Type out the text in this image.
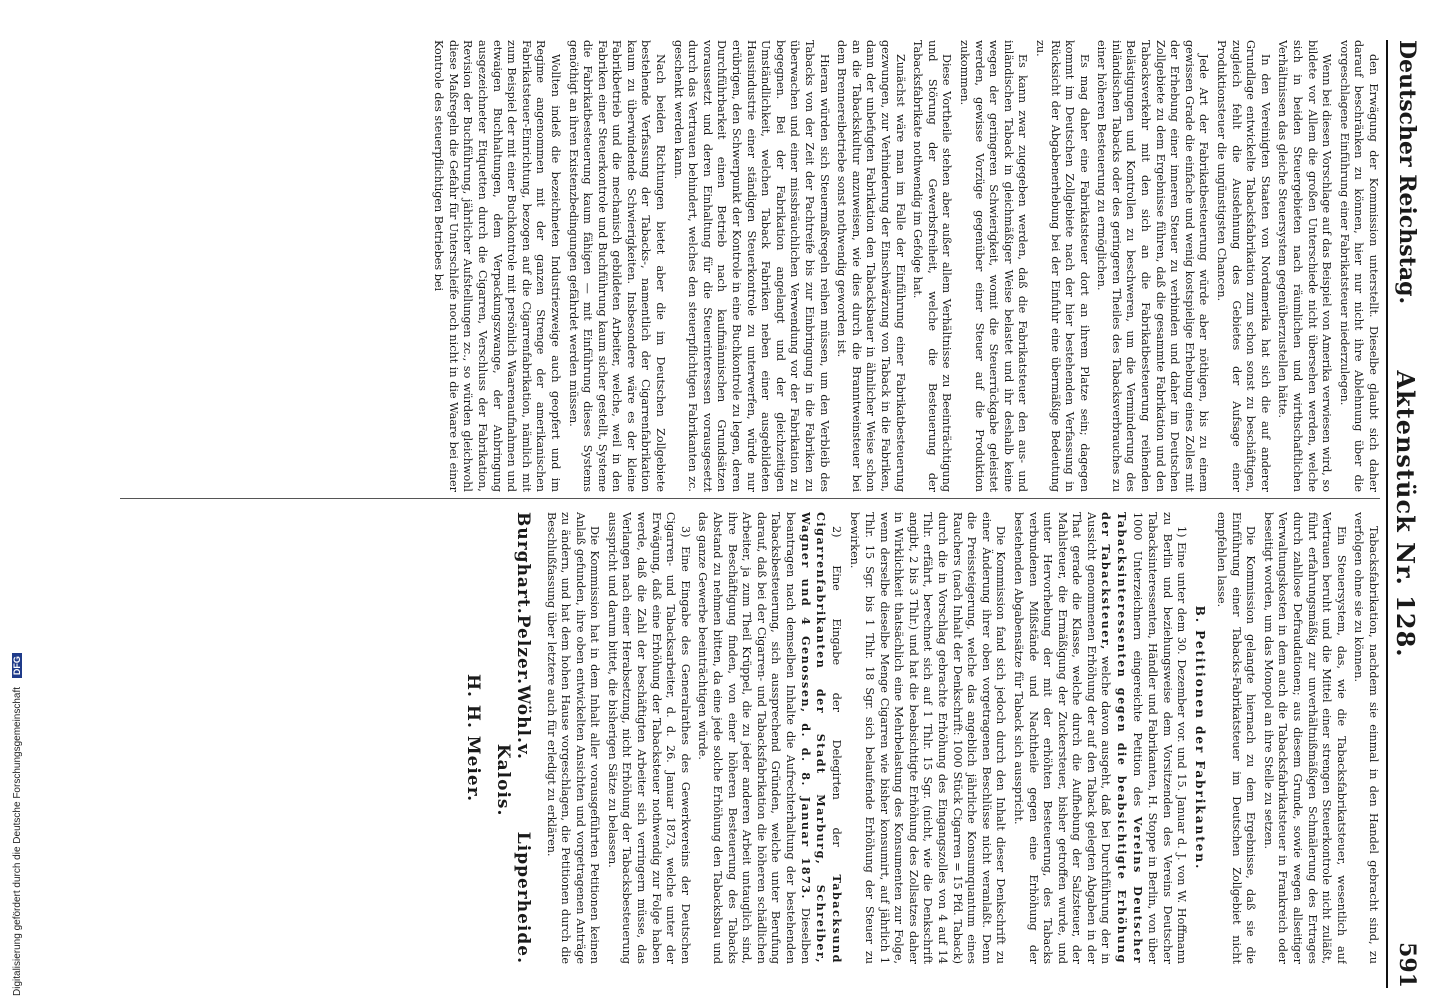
Deutscher Reichstag.
Aktenstück Nr. 128.
591

den Erwägung der Kommission unterstellt. Dieselbe glaubt sich daher darauf beschränken zu können, hier nur nicht ihre Ablehnung über die vorgeschlagene Einführung einer Fabrikatsteuer niederzulegen.

Wenn bei diesen Vorschlage auf das Beispiel von Amerika verwiesen wird, so bildete vor Allem die großen Unterschiede nicht übersehen werden, welche sich in beiden Steuergebieten nach räumlichen und wirthschaftlichen Verhältnissen das gleiche Steuersystem gegenüberzustellen hätte.

In den Vereinigten Staaten von Nordamerika hat sich die auf anderer Grundlage entwickelte Tabacksfabrikation zum schon sonst zu beschäftigen, zugleich fehlt die Ausdehnung des Gebietes der Aufsage einer Produktionsteuer die ungünstigsten Chancen.

Jede Art der Fabrikatbesteuerung würde aber nöthigen, bis zu einem gewissen Grade die einfache und wenig kostspielige Erhebung eines Zolles mit der Erhebung einer inneren Steuer zu verbinden und daher im Deutschen Zollgebiete zu dem Ergebnisse führen, daß die gesammte Fabrikation und den Tabacksverkehr mit den sich an die Fabrikatbesteuerung reihenden Belästigungen und Kontrollen zu beschweren, um die Verminderung des inländischen Tabacks oder des geringeren Theiles des Tabacksverbrauches zu einer höheren Besteuerung zu ermöglichen.

Es mag daher eine Fabrikatsteuer dort an ihrem Platze sein; dagegen kommt im Deutschen Zollgebiete nach der hier bestehenden Verfassung in Rücksicht der Abgabenerhebung bei der Einfuhr eine übermäßige Bedeutung zu.

Es kann zwar zugegeben werden, daß die Fabrikatsteuer den aus- und inländischen Taback in gleichmäßiger Weise belastet und ihr deshalb keine wegen der geringeren Schwierigkeit, womit die Steuerrückgabe geleistet werden, gewisse Vorzüge gegenüber einer Steuer auf die Produktion zukommen.

Diese Vortheile stehen aber außer allem Verhältnisse zu Beeinträchtigung und Störung der Gewerbsfreiheit, welche die Besteuerung der Tabacksfabrikate nothwendig im Gefolge hat.

Zunächst wäre man im Falle der Einführung einer Fabrikatbesteuerung gezwungen, zur Verhinderung der Einschwärzung von Taback in die Fabriken, dann der unbefugten Fabrikation den Tabacksbauer in ähnlicher Weise schon an die Tabackskultur anzuweisen, wie dies durch die Branntweinsteuer bei dem Brennereibetriebe sonst nothwendig geworden ist.

Hieran würden sich Steuermaßregeln reihen müssen, um den Verbleib des Tabacks von der Zeit der Pachtreife bis zur Einbringung in die Fabriken zu überwachen und einer missbräuchlichen Verwendung vor der Fabrikation zu begegnen. Bei der Fabrikation angelangt und der gleichzeitigen Umständlichkeit, welchen Taback Fabriken neben einer ausgebildeten Hausindustrie einer ständigen Steuerkontrole zu unterwerfen, würde nur erübrigen, den Schwerpunkt der Kontrole in eine Buchkontrole zu legen, deren Durchführbarkeit einen Betrieb nach kaufmännischen Grundsätzen voraussetzt und deren Einhaltung für die Steuerinteressen vorausgesetzt durch das Vertrauen behindert, welches den steuerpflichtigen Fabrikanten zc. geschenkt werden kann.

Nach beiden Richtungen bietet aber die im Deutschen Zollgebiete bestehende Verfassung der Tabacks-, namentlich der Cigarrenfabrikation kaum zu überwindende Schwierigkeiten. Insbesondere wäre es der kleine Fabrikbetrieb und die mechanisch gebildeten Arbeiter, welche, weil in den Fabriken einer Steuerkontrole und Buchführung kaum sicher gestellt, Systeme die Fabrikatbesteuerung kaum fähigen — mit Einführung dieses Systems genöthigt an ihren Existenzbedingungen gefährdet werden müssen.

Wollten indeß die bezeichneten Industriezweige auch geopfert und im Regime angenommen mit der ganzen Strenge der amerikanischen Fabrikatsteuer-Einrichtung, bezogen auf die Cigarrenfabrikation, nämlich mit zum Beispiel der mit einer Buchkontrole mit persönlich Waarenaufnahmen und etwaigen Buchhaltungen, dem Verpackungszwange, der Anbringung ausgezeichneter Etiquetten durch die Cigarren, Verschluss der Fabrikation, Revision der Buchführung, jährlicher Aufstellungen zc., so würden gleichwohl diese Maßregeln die Gefahr für Unterschleife noch nicht in die Waare bei einer Kontrole des steuerpflichtigen Betriebes bei

Tabacksfabrikation, nachdem sie einmal in den Handel gebracht sind, zu verfolgen ohne sie zu können.

Ein Steuersystem, das, wie die Tabacksfabrikatsteuer, wesentlich auf Vertrauen beruht und die Mittel einer strengen Steuerkontrole nicht zuläßt, führt erfahrungsmäßig zur unverhältnißmäßigen Schmälerung des Ertrages durch zahllose Defraudationen; aus diesem Grunde, sowie wegen allseitiger Verwaltungskosten in dem auch die Tabacksfabrikatsteuer in Frankreich oder beseitigt worden, um das Monopol an ihre Stelle zu setzen.

Die Kommission gelangte hiernach zu dem Ergebnisse, daß sie die Einführung einer Tabacks-Fabrikatsteuer im Deutschen Zollgebiet nicht empfehlen lasse.

B. Petitionen der Fabrikanten.

1) Eine unter dem 30. Dezember vor. und 15. Januar d. J. von W. Hoffmann zu Berlin und beziehungsweise dem Vorsitzenden des Vereins Deutscher Tabacksinteressenten, Händler und Fabrikanten, H. Stoppe in Berlin, von über 1000 Unterzeichnern eingereichte Petition des Vereins Deutscher Tabacksinteressenten gegen die beabsichtigte Erhöhung der Tabacksteuer, welche davon ausgeht, daß bei Durchführung der in Aussicht genommenen Erhöhung der auf den Taback gelegten Abgaben in der That gerade die Klasse, welche durch die Aufhebung der Salzsteuer, der Mahlsteuer, die Ermäßigung der Zuckersteuer, bisher getroffen wurde, und unter Hervorhebung der mit der erhöhten Besteuerung, des Tabacks verbundenen Mißstände und Nachtheile gegen eine Erhöhung der bestehenden Abgabensätze für Taback sich ausspricht.

Die Kommission fand sich jedoch durch den Inhalt dieser Denkschrift zu einer Änderung ihrer oben vorgetragenen Beschlüsse nicht veranlaßt. Denn die Preissteigerung, welche das angeblich jährliche Konsumquantum eines Rauchers (nach Inhalt der Denkschrift: 1000 Stück Cigarren = 15 Pfd. Taback) durch die in Vorschlag gebrachte Erhöhung des Eingangszolles von 4 auf 14 Thlr. erfährt, berechnet sich auf 1 Thlr. 15 Sgr. (nicht, wie die Denkschrift angibt, 2 bis 3 Thlr.) und hat die beabsichtigte Erhöhung des Zollsatzes daher in Wirklichkeit thatsächlich eine Mehrbelastung des Konsumenten zur Folge, wenn derselbe dieselbe Menge Cigarren wie bisher konsumirt, auf jährlich 1 Thlr. 15 Sgr. bis 1 Thlr. 18 Sgr. sich belaufende Erhöhung der Steuer zu bewirken.

2) Eine Eingabe der Delegirten der Tabacksund Cigarrenfabrikanten der Stadt Marburg, Schreiber, Wagner und 4 Genossen, d. d. 8. Januar 1873. Dieselben beantragen nach demselben Inhalte die Aufrechterhaltung der bestehenden Tabacksbesteuerung, sich aussprechend Gründen, welche unter Berufung darauf, daß bei der Cigarren- und Tabacksfabrikation die höheren schädlichen Arbeiter, ja zum Theil Krüppel, die zu jeder anderen Arbeit untauglich sind, ihre Beschäftigung finden, von einer höheren Besteuerung des Tabacks Abstand zu nehmen bitten, da eine jede solche Erhöhung den Tabacksbau und das ganze Gewerbe beeinträchtigen würde.

3) Eine Eingabe des Generalrathes des Gewerkvereins der Deutschen Cigarren- und Tabacksarbeiter, d. d. 26. Januar 1873, welche unter der Erwägung, daß eine Erhöhung der Tabacksteuer nothwendig zur Folge haben werde, daß die Zahl der beschäftigten Arbeiter sich verringern müsse, das Verlangen nach einer Herabsetzung, nicht Erhöhung der Tabacksbesteuerung ausspricht und darum bittet, die bisherigen Sätze zu belassen.

Die Kommission hat in dem Inhalt aller vorausgeführten Petitionen keinen Anlaß gefunden, ihre oben entwickelten Ansichten und vorgetragenen Anträge zu ändern, und hat dem hohen Hause vorgeschlagen, die Petitionen durch die Beschlußfassung über letztere auch für erledigt zu erklären.

Burghart.
Pelzer.
Wöhl.
v. Kalois.
Lipperheide.
H. H. Meier.
Digitalisierung gefördert durch die Deutsche Forschungsgemeinschaft DFG
